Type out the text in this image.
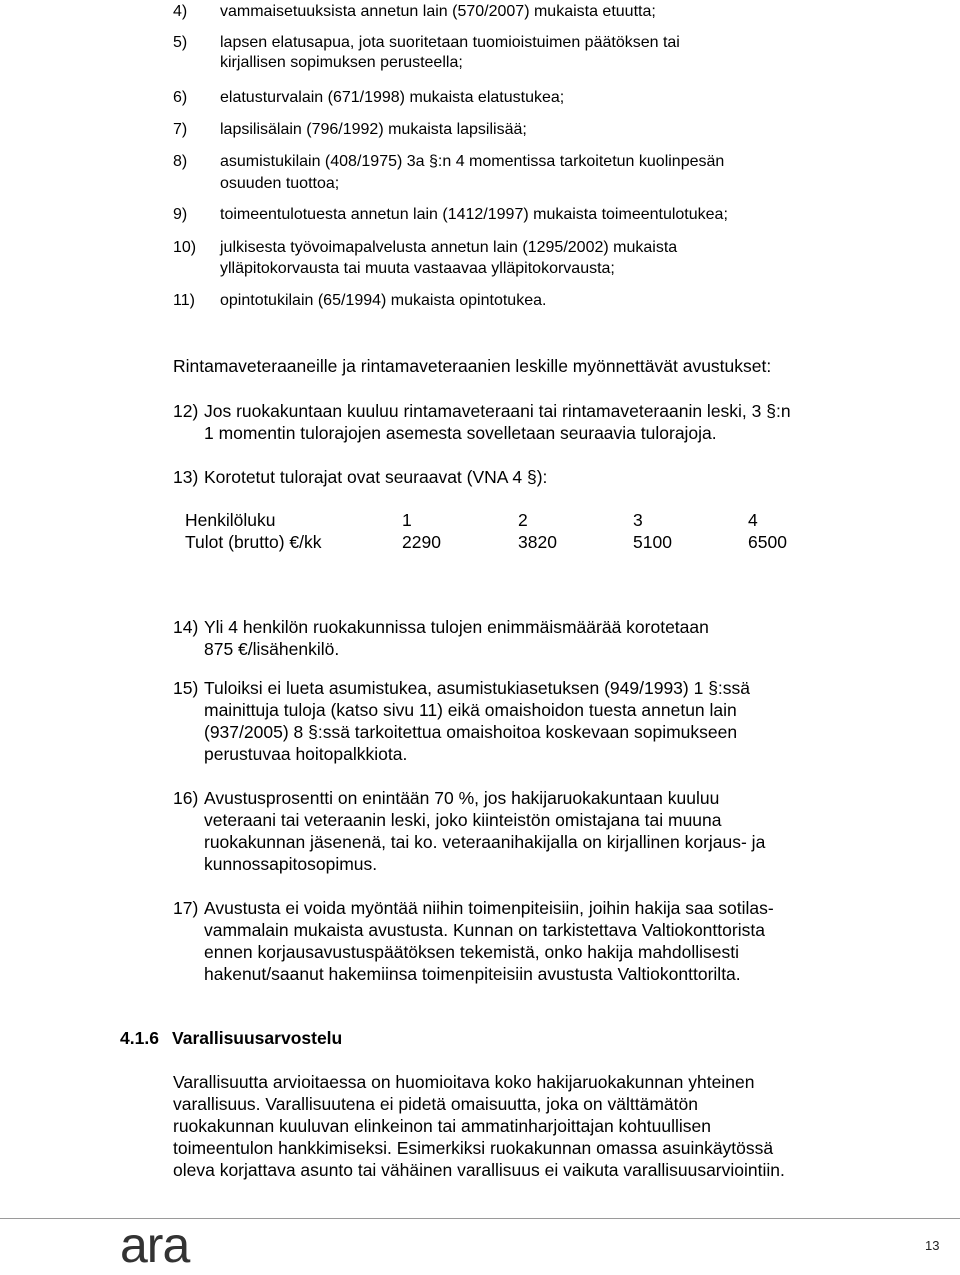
4) vammaisetuuksista annetun lain (570/2007) mukaista etuutta;
5) lapsen elatusapua, jota suoritetaan tuomioistuimen päätöksen tai
kirjallisen sopimuksen perusteella;
6) elatusturvalain (671/1998) mukaista elatustukea;
7) lapsilisälain (796/1992) mukaista lapsilisää;
8) asumistukilain (408/1975) 3a §:n 4 momentissa tarkoitetun kuolinpesän
osuuden tuottoa;
9) toimeentulotuesta annetun lain (1412/1997) mukaista toimeentulotukea;
10) julkisesta työvoimapalvelusta annetun lain (1295/2002) mukaista
ylläpitokorvausta tai muuta vastaavaa ylläpitokorvausta;
11) opintotukilain (65/1994) mukaista opintotukea.
Rintamaveteraaneille ja rintamaveteraanien leskille myönnettävät avustukset:
12) Jos ruokakuntaan kuuluu rintamaveteraani tai rintamaveteraanin leski, 3 §:n
1 momentin tulorajojen asemesta sovelletaan seuraavia tulorajoja.
13) Korotetut tulorajat ovat seuraavat (VNA 4 §):
Henkilöluku	1	2	3	4
Tulot (brutto) €/kk	2290	3820	5100	6500
14) Yli 4 henkilön ruokakunnissa tulojen enimmäismäärää korotetaan
875 €/lisähenkilö.
15) Tuloiksi ei lueta asumistukea, asumistukiasetuksen (949/1993) 1 §:ssä
mainittuja tuloja (katso sivu 11) eikä omaishoidon tuesta annetun lain
(937/2005) 8 §:ssä tarkoitettua omaishoitoa koskevaan sopimukseen
perustuvaa hoitopalkkiota.
16) Avustusprosentti on enintään 70 %, jos hakijaruokakuntaan kuuluu
veteraani tai veteraanin leski, joko kiinteistön omistajana tai muuna
ruokakunnan jäsenenä, tai ko. veteraanihakijalla on kirjallinen korjaus- ja
kunnossapitosopimus.
17) Avustusta ei voida myöntää niihin toimenpiteisiin, joihin hakija saa sotilas-
vammalain mukaista avustusta. Kunnan on tarkistettava Valtiokonttorista
ennen korjausavustuspäätöksen tekemistä, onko hakija mahdollisesti
hakenut/saanut hakemiinsa toimenpiteisiin avustusta Valtiokonttorilta.
4.1.6 Varallisuusarvostelu
Varallisuutta arvioitaessa on huomioitava koko hakijaruokakunnan yhteinen
varallisuus. Varallisuutena ei pidetä omaisuutta, joka on välttämätön
ruokakunnan kuuluvan elinkeinon tai ammatinharjoittajan kohtuullisen
toimeentulon hankkimiseksi. Esimerkiksi ruokakunnan omassa asuinkäytössä
oleva korjattava asunto tai vähäinen varallisuus ei vaikuta varallisuusarviointiin.
ara	13
